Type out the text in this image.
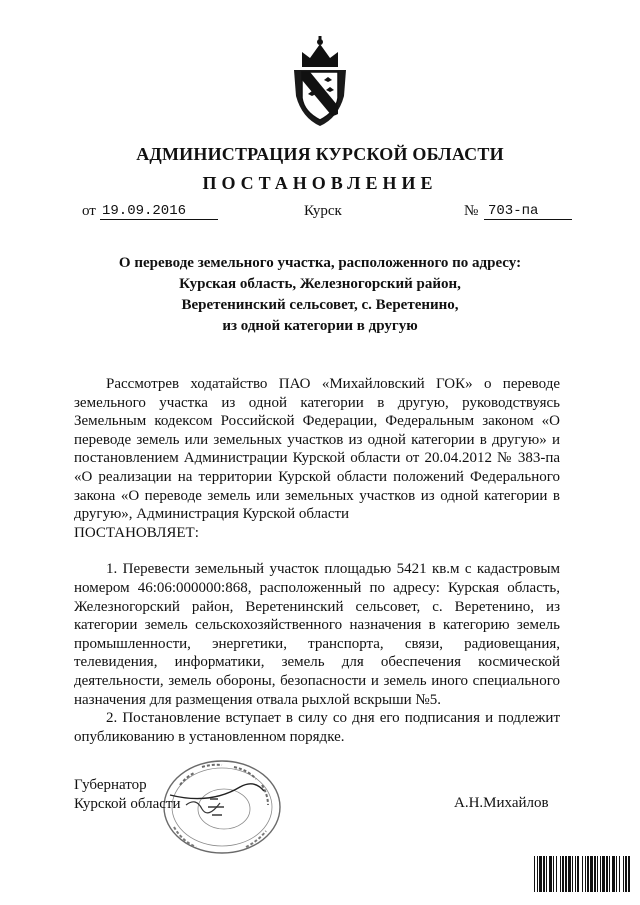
АДМИНИСТРАЦИЯ КУРСКОЙ ОБЛАСТИ
ПОСТАНОВЛЕНИЕ
от 19.09.2016	Курск	№ 703-па
О переводе земельного участка, расположенного по адресу:
Курская область, Железногорский район,
Веретенинский сельсовет, с. Веретенино,
из одной категории в другую

Рассмотрев ходатайство ПАО «Михайловский ГОК» о переводе земельного участка из одной категории в другую, руководствуясь Земельным кодексом Российской Федерации, Федеральным законом «О переводе земель или земельных участков из одной категории в другую» и постановлением Администрации Курской области от 20.04.2012 № 383-па «О реализации на территории Курской области положений Федерального закона «О переводе земель или земельных участков из одной категории в другую», Администрация Курской области

ПОСТАНОВЛЯЕТ:

1. Перевести земельный участок площадью 5421 кв.м с кадастровым номером 46:06:000000:868, расположенный по адресу: Курская область, Железногорский район, Веретенинский сельсовет, с. Веретенино, из категории земель сельскохозяйственного назначения в категорию земель промышленности, энергетики, транспорта, связи, радиовещания, телевидения, информатики, земель для обеспечения космической деятельности, земель обороны, безопасности и земель иного специального назначения для размещения отвала рыхлой вскрыши №5.

2. Постановление вступает в силу со дня его подписания и подлежит опубликованию в установленном порядке.

Губернатор
Курской области	А.Н.Михайлов
